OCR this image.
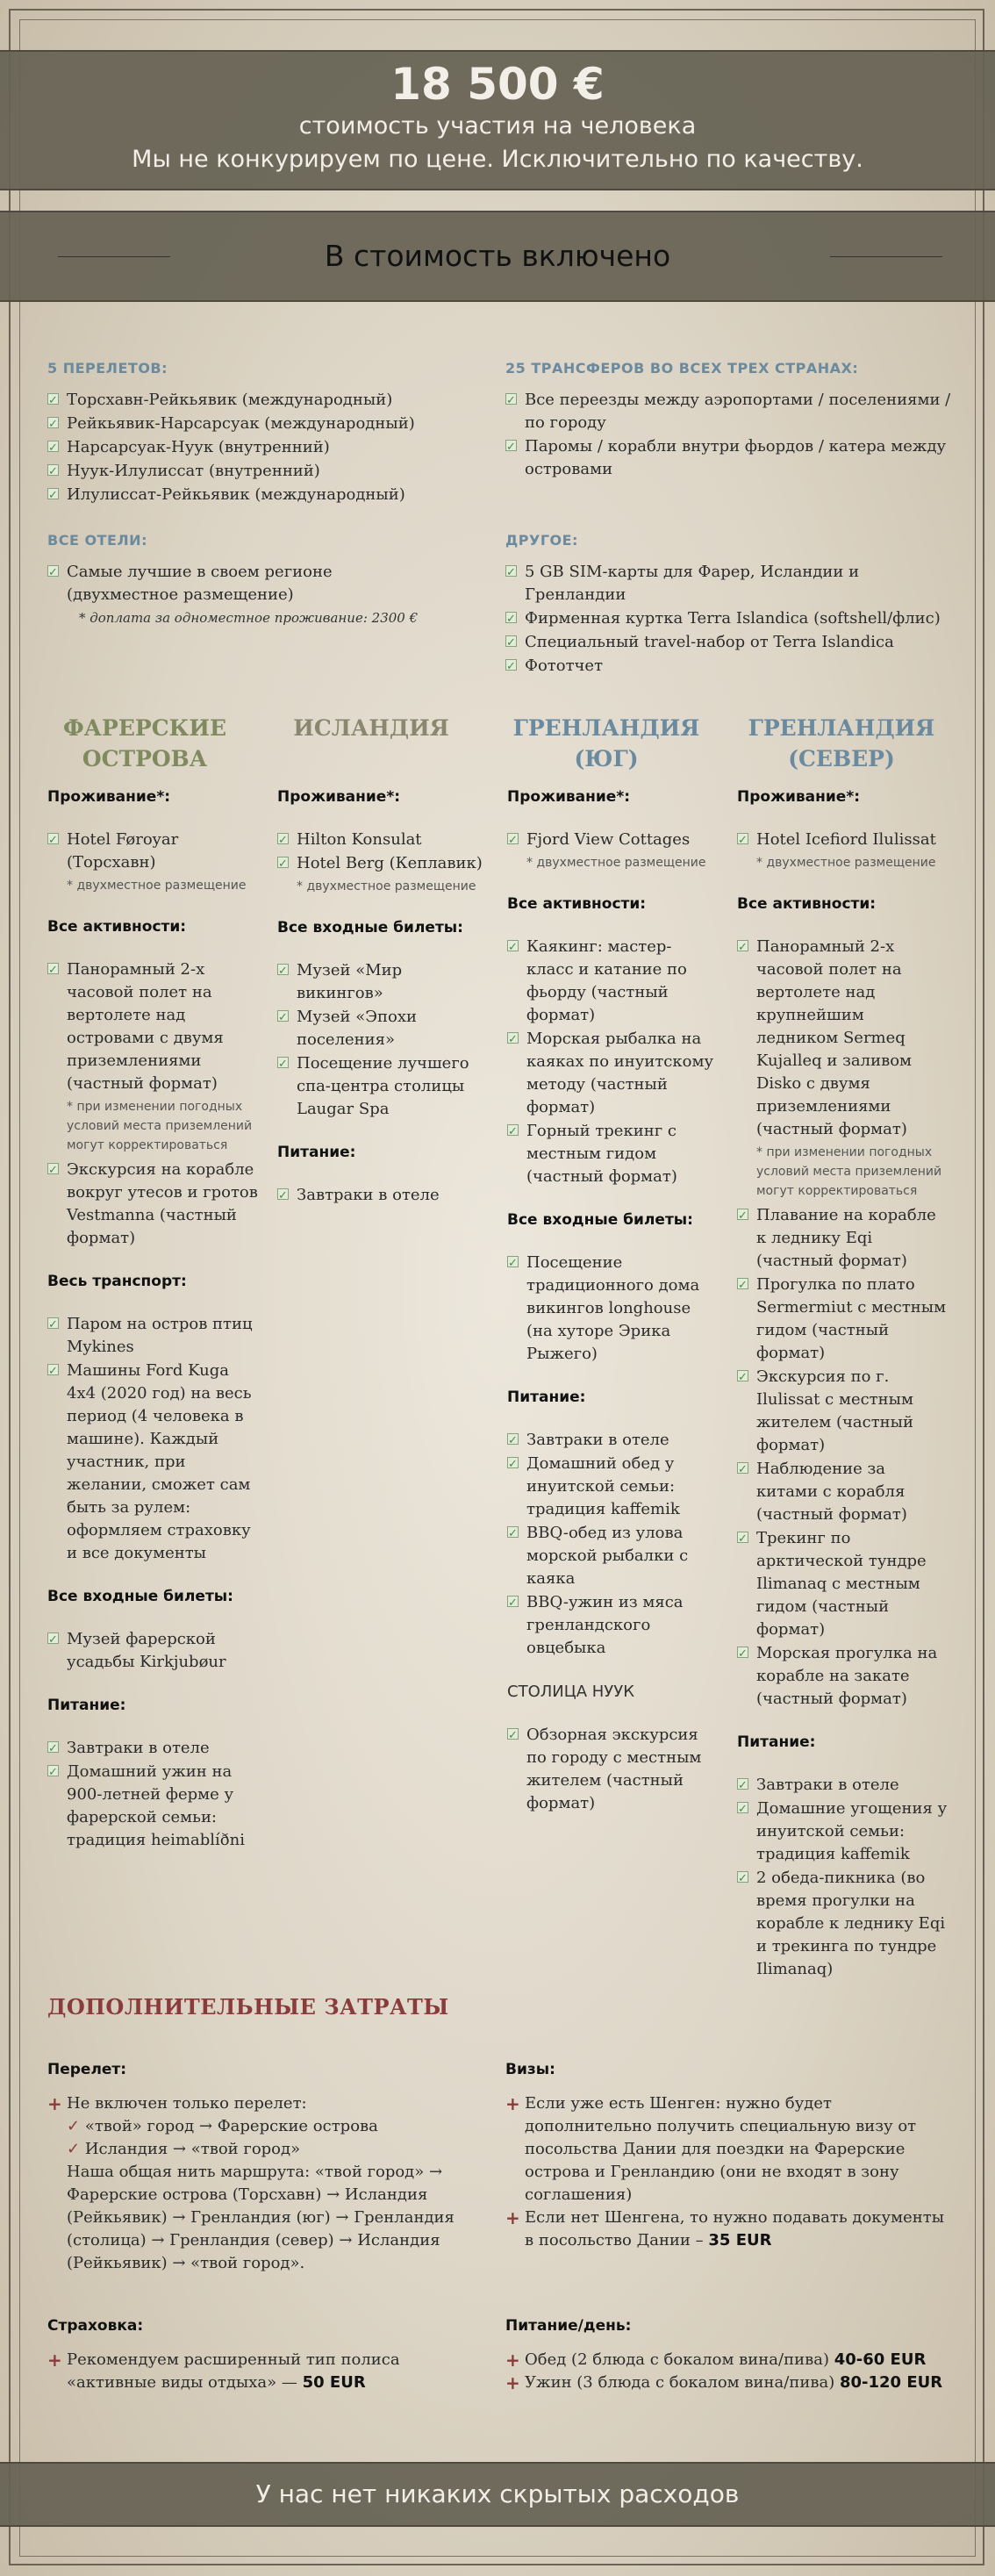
18 500 €
стоимость участия на человека
Мы не конкурируем по цене. Исключительно по качеству.
В стоимость включено
5 ПЕРЕЛЕТОВ:
✓
Торсхавн-Рейкьявик (международный)
✓
Рейкьявик-Нарсарсуак (международный)
✓
Нарсарсуак-Нуук (внутренний)
✓
Нуук-Илулиссат (внутренний)
✓
Илулиссат-Рейкьявик (международный)
25 ТРАНСФЕРОВ ВО ВСЕХ ТРЕХ СТРАНАХ:
✓
Все переезды между аэропортами / поселениями / по городу
✓
Паромы / корабли внутри фьордов / катера между островами
ВСЕ ОТЕЛИ:
✓
Самые лучшие в своем регионе (двухместное размещение)
* доплата за одноместное проживание: 2300 €
ДРУГОЕ:
✓
5 GB SIM-карты для Фарер, Исландии и Гренландии
✓
Фирменная куртка Terra Islandica (softshell/флис)
✓
Специальный travel-набор от Terra Islandica
✓
Фототчет
ФАРЕРСКИЕ ОСТРОВА
ИСЛАНДИЯ	ГРЕНЛАНДИЯ (ЮГ)
ГРЕНЛАНДИЯ (СЕВЕР)
Проживание*:
✓
Hotel Føroyar (Торсхавн)
* двухместное размещение
Все активности:
✓
Панорамный 2-х часовой полет на вертолете над островами с двумя приземлениями (частный формат)
* при изменении погодных условий места приземлений могут корректироваться
✓
Экскурсия на корабле вокруг утесов и гротов Vestmanna (частный формат)
Весь транспорт:
✓
Паром на остров птиц Mykines
✓
Машины Ford Kuga 4x4 (2020 год) на весь период (4 человека в машине). Каждый участник, при желании, сможет сам быть за рулем: оформляем страховку и все документы
Все входные билеты:
✓
Музей фарерской усадьбы Kirkjubøur
Питание:
✓
Завтраки в отеле
✓
Домашний ужин на 900-летней ферме у фарерской семьи: традиция heimablíðni
Проживание*:
✓
Hilton Konsulat
✓
Hotel Berg (Кеплавик)
* двухместное размещение
Все входные билеты:
✓
Музей «Мир викингов»
✓
Музей «Эпохи поселения»
✓
Посещение лучшего спа-центра столицы Laugar Spa
Питание:
✓
Завтраки в отеле
Проживание*:
✓
Fjord View Cottages
* двухместное размещение
Все активности:
✓
Каякинг: мастер-класс и катание по фьорду (частный формат)
✓
Морская рыбалка на каяках по инуитскому методу (частный формат)
✓
Горный трекинг с местным гидом (частный формат)
Все входные билеты:
✓
Посещение традиционного дома викингов longhouse (на хуторе Эрика Рыжего)
Питание:
✓
Завтраки в отеле
✓
Домашний обед у инуитской семьи: традиция kaffemik
✓
BBQ-обед из улова морской рыбалки с каяка
✓
BBQ-ужин из мяса гренландского овцебыка
СТОЛИЦА НУУК
✓
Обзорная экскурсия по городу с местным жителем (частный формат)
Проживание*:
✓
Hotel Icefiord Ilulissat
* двухместное размещение
Все активности:
✓
Панорамный 2-х часовой полет на вертолете над крупнейшим ледником Sermeq Kujalleq и заливом Disko с двумя приземлениями (частный формат)
* при изменении погодных условий места приземлений могут корректироваться
✓
Плавание на корабле к леднику Eqi (частный формат)
✓
Прогулка по плато Sermermiut с местным гидом (частный формат)
✓
Экскурсия по г. Ilulissat с местным жителем (частный формат)
✓
Наблюдение за китами с корабля (частный формат)
✓
Трекинг по арктической тундре Ilimanaq с местным гидом (частный формат)
✓
Морская прогулка на корабле на закате (частный формат)
Питание:
✓
Завтраки в отеле
✓
Домашние угощения у инуитской семьи: традиция kaffemik
✓
2 обеда-пикника (во время прогулки на корабле к леднику Eqi и трекинга по тундре Ilimanaq)
ДОПОЛНИТЕЛЬНЫЕ ЗАТРАТЫ
Перелет:
+ Не включен только перелет:
✓ «твой» город → Фарерские острова
✓ Исландия → «твой город»
Наша общая нить маршрута: «твой город» → Фарерские острова (Торсхавн) → Исландия (Рейкьявик) → Гренландия (юг) → Гренландия (столица) → Гренландия (север) → Исландия (Рейкьявик) → «твой город».
Визы:
+ Если уже есть Шенген: нужно будет дополнительно получить специальную визу от посольства Дании для поездки на Фарерские острова и Гренландию (они не входят в зону соглашения)
+ Если нет Шенгена, то нужно подавать документы в посольство Дании – 35 EUR
Страховка:
+ Рекомендуем расширенный тип полиса «активные виды отдыха» — 50 EUR
Питание/день:
+ Обед (2 блюда с бокалом вина/пива) 40-60 EUR
+ Ужин (3 блюда с бокалом вина/пива) 80-120 EUR
У нас нет никаких скрытых расходов
